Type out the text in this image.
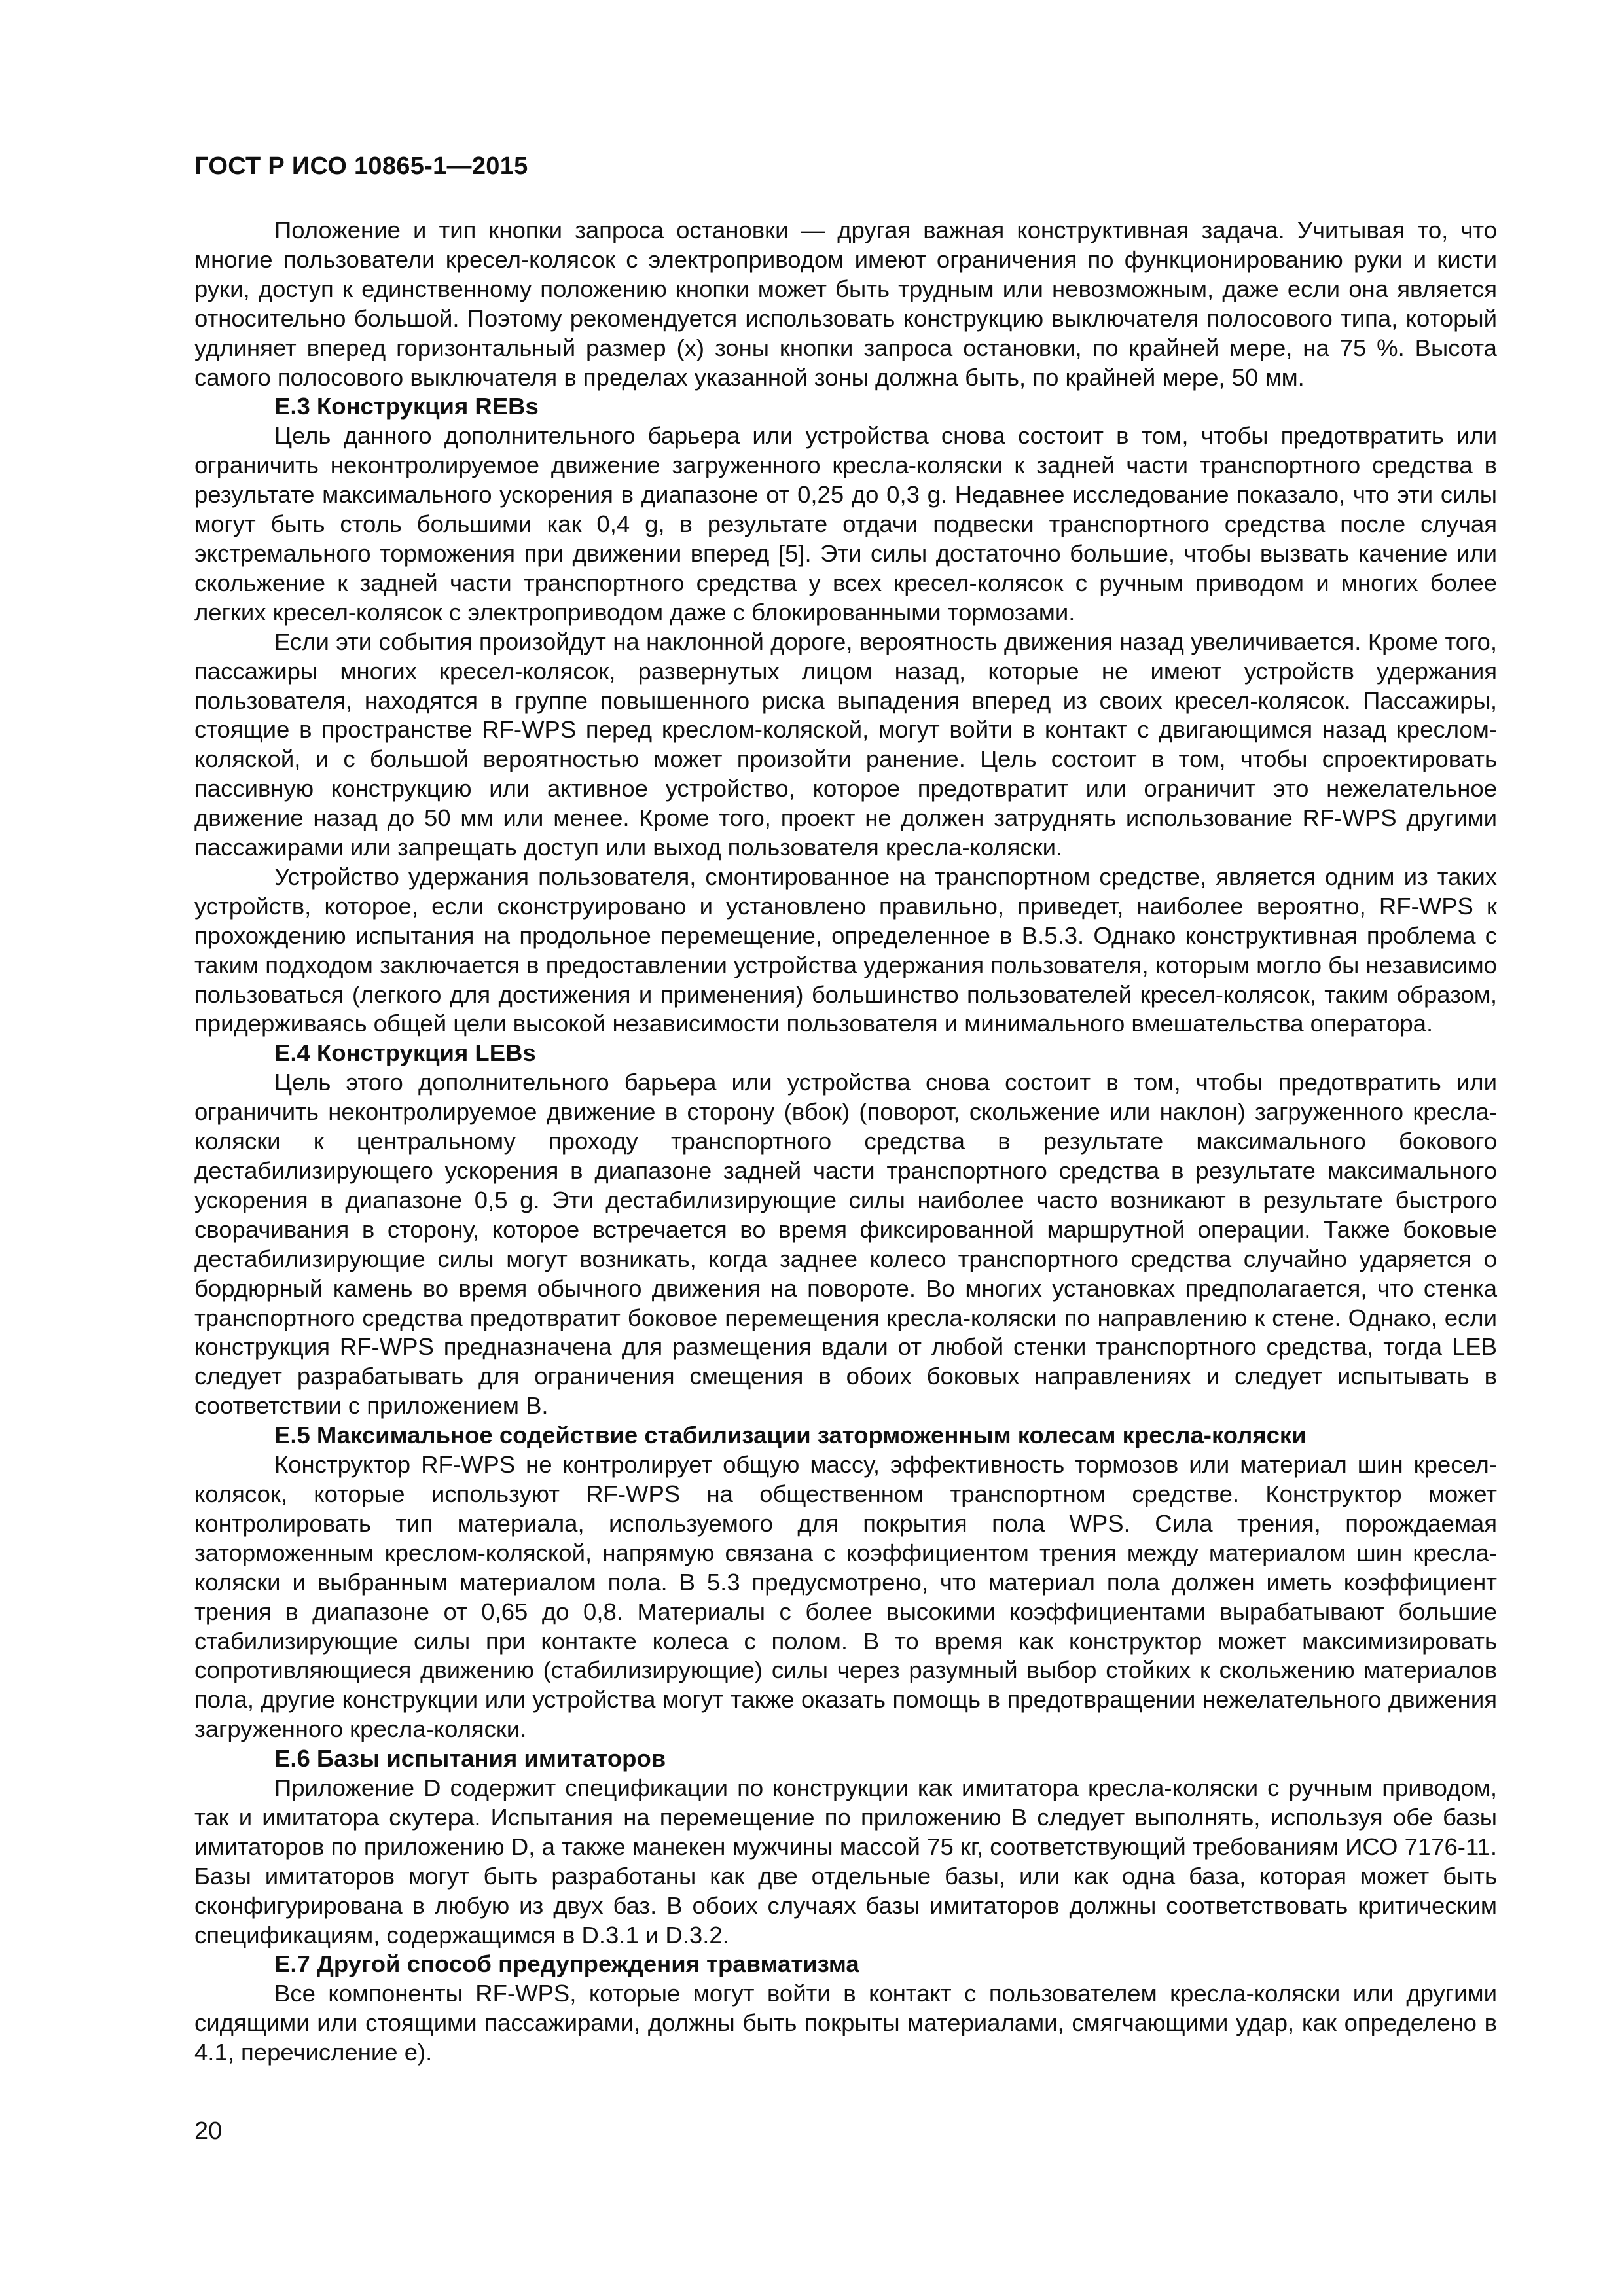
ГОСТ Р ИСО 10865-1—2015

Положение и тип кнопки запроса остановки — другая важная конструктивная задача. Учитывая то, что многие пользователи кресел-колясок с электроприводом имеют ограничения по функционированию руки и кисти руки, доступ к единственному положению кнопки может быть трудным или невозможным, даже если она является относительно большой. Поэтому рекомендуется использовать конструкцию выключателя полосового типа, который удлиняет вперед горизонтальный размер (x) зоны кнопки запроса остановки, по крайней мере, на 75 %. Высота самого полосового выключателя в пределах указанной зоны должна быть, по крайней мере, 50 мм.

Е.3 Конструкция REBs

Цель данного дополнительного барьера или устройства снова состоит в том, чтобы предотвратить или ограничить неконтролируемое движение загруженного кресла-коляски к задней части транспортного средства в результате максимального ускорения в диапазоне от 0,25 до 0,3 g. Недавнее исследование показало, что эти силы могут быть столь большими как 0,4 g, в результате отдачи подвески транспортного средства после случая экстремального торможения при движении вперед [5]. Эти силы достаточно большие, чтобы вызвать качение или скольжение к задней части транспортного средства у всех кресел-колясок с ручным приводом и многих более легких кресел-колясок с электроприводом даже с блокированными тормозами.

Если эти события произойдут на наклонной дороге, вероятность движения назад увеличивается. Кроме того, пассажиры многих кресел-колясок, развернутых лицом назад, которые не имеют устройств удержания пользователя, находятся в группе повышенного риска выпадения вперед из своих кресел-колясок. Пассажиры, стоящие в пространстве RF-WPS перед креслом-коляской, могут войти в контакт с двигающимся назад креслом-коляской, и с большой вероятностью может произойти ранение. Цель состоит в том, чтобы спроектировать пассивную конструкцию или активное устройство, которое предотвратит или ограничит это нежелательное движение назад до 50 мм или менее. Кроме того, проект не должен затруднять использование RF-WPS другими пассажирами или запрещать доступ или выход пользователя кресла-коляски.

Устройство удержания пользователя, смонтированное на транспортном средстве, является одним из таких устройств, которое, если сконструировано и установлено правильно, приведет, наиболее вероятно, RF-WPS к прохождению испытания на продольное перемещение, определенное в В.5.3. Однако конструктивная проблема с таким подходом заключается в предоставлении устройства удержания пользователя, которым могло бы независимо пользоваться (легкого для достижения и применения) большинство пользователей кресел-колясок, таким образом, придерживаясь общей цели высокой независимости пользователя и минимального вмешательства оператора.

Е.4 Конструкция LEBs

Цель этого дополнительного барьера или устройства снова состоит в том, чтобы предотвратить или ограничить неконтролируемое движение в сторону (вбок) (поворот, скольжение или наклон) загруженного кресла-коляски к центральному проходу транспортного средства в результате максимального бокового дестабилизирующего ускорения в диапазоне задней части транспортного средства в результате максимального ускорения в диапазоне 0,5 g. Эти дестабилизирующие силы наиболее часто возникают в результате быстрого сворачивания в сторону, которое встречается во время фиксированной маршрутной операции. Также боковые дестабилизирующие силы могут возникать, когда заднее колесо транспортного средства случайно ударяется о бордюрный камень во время обычного движения на повороте. Во многих установках предполагается, что стенка транспортного средства предотвратит боковое перемещения кресла-коляски по направлению к стене. Однако, если конструкция RF-WPS предназначена для размещения вдали от любой стенки транспортного средства, тогда LEB следует разрабатывать для ограничения смещения в обоих боковых направлениях и следует испытывать в соответствии с приложением В.

Е.5 Максимальное содействие стабилизации заторможенным колесам кресла-коляски

Конструктор RF-WPS не контролирует общую массу, эффективность тормозов или материал шин кресел-колясок, которые используют RF-WPS на общественном транспортном средстве. Конструктор может контролировать тип материала, используемого для покрытия пола WPS. Сила трения, порождаемая заторможенным креслом-коляской, напрямую связана с коэффициентом трения между материалом шин кресла-коляски и выбранным материалом пола. В 5.3 предусмотрено, что материал пола должен иметь коэффициент трения в диапазоне от 0,65 до 0,8. Материалы с более высокими коэффициентами вырабатывают большие стабилизирующие силы при контакте колеса с полом. В то время как конструктор может максимизировать сопротивляющиеся движению (стабилизирующие) силы через разумный выбор стойких к скольжению материалов пола, другие конструкции или устройства могут также оказать помощь в предотвращении нежелательного движения загруженного кресла-коляски.

Е.6 Базы испытания имитаторов

Приложение D содержит спецификации по конструкции как имитатора кресла-коляски с ручным приводом, так и имитатора скутера. Испытания на перемещение по приложению В следует выполнять, используя обе базы имитаторов по приложению D, а также манекен мужчины массой 75 кг, соответствующий требованиям ИСО 7176-11. Базы имитаторов могут быть разработаны как две отдельные базы, или как одна база, которая может быть сконфигурирована в любую из двух баз. В обоих случаях базы имитаторов должны соответствовать критическим спецификациям, содержащимся в D.3.1 и D.3.2.

Е.7 Другой способ предупреждения травматизма

Все компоненты RF-WPS, которые могут войти в контакт с пользователем кресла-коляски или другими сидящими или стоящими пассажирами, должны быть покрыты материалами, смягчающими удар, как определено в 4.1, перечисление е).

20
